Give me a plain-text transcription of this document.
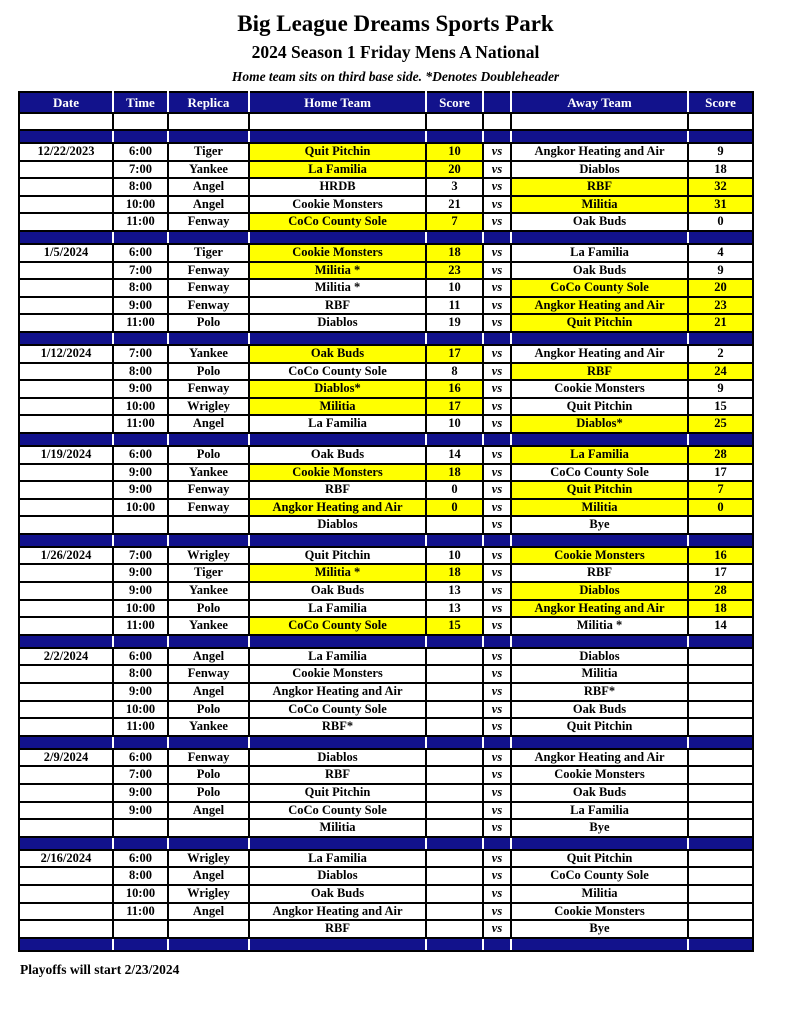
Big League Dreams Sports Park
2024 Season 1 Friday Mens A National
Home team sits on third base side. *Denotes Doubleheader
Date	Time	Replica	Home Team	Score		Away Team	Score

12/22/2023	6:00	Tiger	Quit Pitchin	10	vs	Angkor Heating and Air	9
	7:00	Yankee	La Familia	20	vs	Diablos	18
	8:00	Angel	HRDB	3	vs	RBF	32
	10:00	Angel	Cookie Monsters	21	vs	Militia	31
	11:00	Fenway	CoCo County Sole	7	vs	Oak Buds	0

1/5/2024	6:00	Tiger	Cookie Monsters	18	vs	La Familia	4
	7:00	Fenway	Militia *	23	vs	Oak Buds	9
	8:00	Fenway	Militia *	10	vs	CoCo County Sole	20
	9:00	Fenway	RBF	11	vs	Angkor Heating and Air	23
	11:00	Polo	Diablos	19	vs	Quit Pitchin	21

1/12/2024	7:00	Yankee	Oak Buds	17	vs	Angkor Heating and Air	2
	8:00	Polo	CoCo County Sole	8	vs	RBF	24
	9:00	Fenway	Diablos*	16	vs	Cookie Monsters	9
	10:00	Wrigley	Militia	17	vs	Quit Pitchin	15
	11:00	Angel	La Familia	10	vs	Diablos*	25

1/19/2024	6:00	Polo	Oak Buds	14	vs	La Familia	28
	9:00	Yankee	Cookie Monsters	18	vs	CoCo County Sole	17
	9:00	Fenway	RBF	0	vs	Quit Pitchin	7
	10:00	Fenway	Angkor Heating and Air	0	vs	Militia	0
			Diablos		vs	Bye	

1/26/2024	7:00	Wrigley	Quit Pitchin	10	vs	Cookie Monsters	16
	9:00	Tiger	Militia *	18	vs	RBF	17
	9:00	Yankee	Oak Buds	13	vs	Diablos	28
	10:00	Polo	La Familia	13	vs	Angkor Heating and Air	18
	11:00	Yankee	CoCo County Sole	15	vs	Militia *	14

2/2/2024	6:00	Angel	La Familia		vs	Diablos	
	8:00	Fenway	Cookie Monsters		vs	Militia	
	9:00	Angel	Angkor Heating and Air		vs	RBF*	
	10:00	Polo	CoCo County Sole		vs	Oak Buds	
	11:00	Yankee	RBF*		vs	Quit Pitchin	

2/9/2024	6:00	Fenway	Diablos		vs	Angkor Heating and Air	
	7:00	Polo	RBF		vs	Cookie Monsters	
	9:00	Polo	Quit Pitchin		vs	Oak Buds	
	9:00	Angel	CoCo County Sole		vs	La Familia	
			Militia		vs	Bye	

2/16/2024	6:00	Wrigley	La Familia		vs	Quit Pitchin	
	8:00	Angel	Diablos		vs	CoCo County Sole	
	10:00	Wrigley	Oak Buds		vs	Militia	
	11:00	Angel	Angkor Heating and Air		vs	Cookie Monsters	
			RBF		vs	Bye	

Playoffs will start 2/23/2024
